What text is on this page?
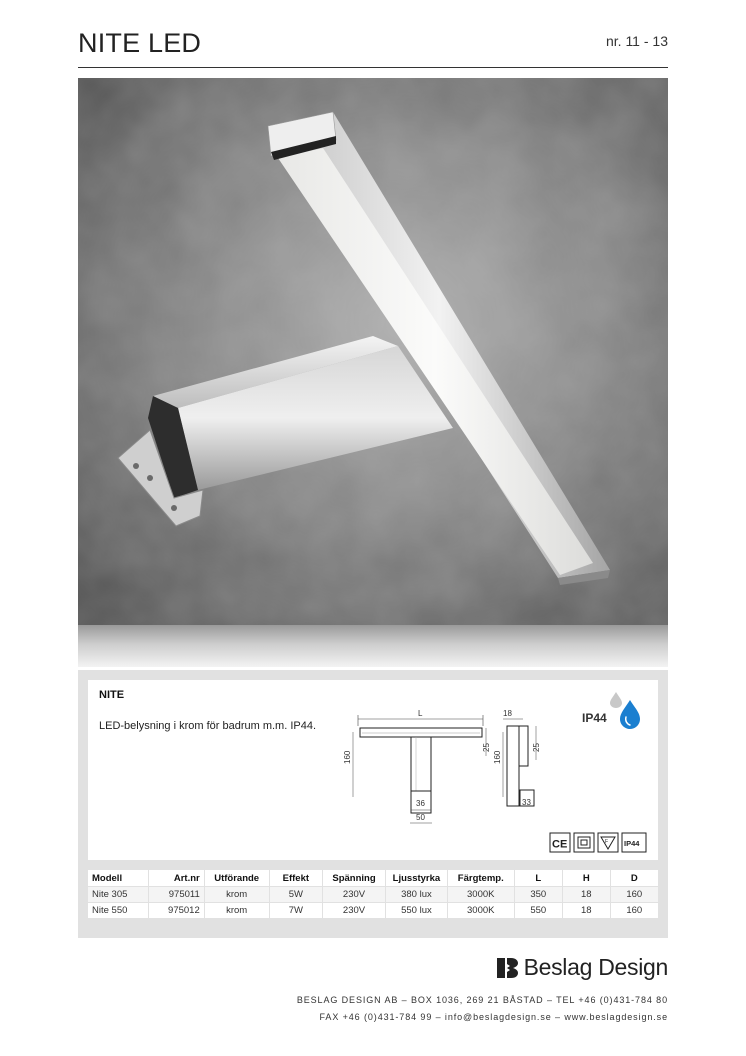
NITE LED	nr. 11 - 13
NITE
LED-belysning i krom för badrum m.m. IP44.
L
25
160
36
50
18
25
160
33
IP44
CE	F IP44
Modell	Art.nr	Utförande	Effekt	Spänning	Ljusstyrka	Färgtemp.	L	H	D
Nite 305	975011	krom	5W	230V	380 lux	3000K	350	18	160
Nite 550	975012	krom	7W	230V	550 lux	3000K	550	18	160
Beslag Design
BESLAG DESIGN AB – BOX 1036, 269 21 BÅSTAD – TEL +46 (0)431-784 80
FAX +46 (0)431-784 99 – info@beslagdesign.se – www.beslagdesign.se
